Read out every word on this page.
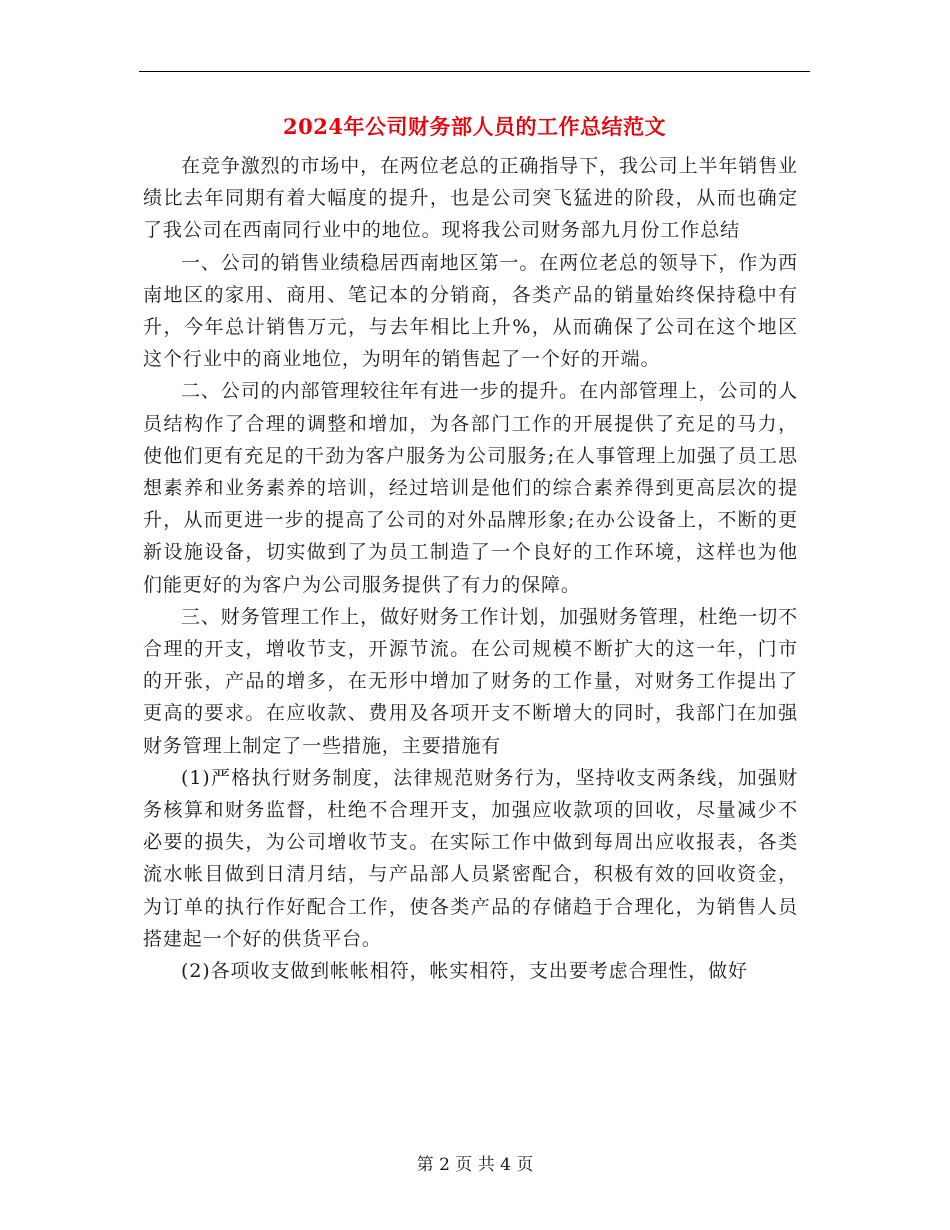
2024年公司财务部人员的工作总结范文

在竞争激烈的市场中，在两位老总的正确指导下，我公司上半年销售业绩比去年同期有着大幅度的提升，也是公司突飞猛进的阶段，从而也确定了我公司在西南同行业中的地位。现将我公司财务部九月份工作总结

一、公司的销售业绩稳居西南地区第一。在两位老总的领导下，作为西南地区的家用、商用、笔记本的分销商，各类产品的销量始终保持稳中有升，今年总计销售万元，与去年相比上升%，从而确保了公司在这个地区这个行业中的商业地位，为明年的销售起了一个好的开端。

二、公司的内部管理较往年有进一步的提升。在内部管理上，公司的人员结构作了合理的调整和增加，为各部门工作的开展提供了充足的马力，使他们更有充足的干劲为客户服务为公司服务;在人事管理上加强了员工思想素养和业务素养的培训，经过培训是他们的综合素养得到更高层次的提升，从而更进一步的提高了公司的对外品牌形象;在办公设备上，不断的更新设施设备，切实做到了为员工制造了一个良好的工作环境，这样也为他们能更好的为客户为公司服务提供了有力的保障。

三、财务管理工作上，做好财务工作计划，加强财务管理，杜绝一切不合理的开支，增收节支，开源节流。在公司规模不断扩大的这一年，门市的开张，产品的增多，在无形中增加了财务的工作量，对财务工作提出了更高的要求。在应收款、费用及各项开支不断增大的同时，我部门在加强财务管理上制定了一些措施，主要措施有

(1)严格执行财务制度，法律规范财务行为，坚持收支两条线，加强财务核算和财务监督，杜绝不合理开支，加强应收款项的回收，尽量减少不必要的损失，为公司增收节支。在实际工作中做到每周出应收报表，各类流水帐目做到日清月结，与产品部人员紧密配合，积极有效的回收资金，为订单的执行作好配合工作，使各类产品的存储趋于合理化，为销售人员搭建起一个好的供货平台。

(2)各项收支做到帐帐相符，帐实相符，支出要考虑合理性，做好

第 2 页 共 4 页
